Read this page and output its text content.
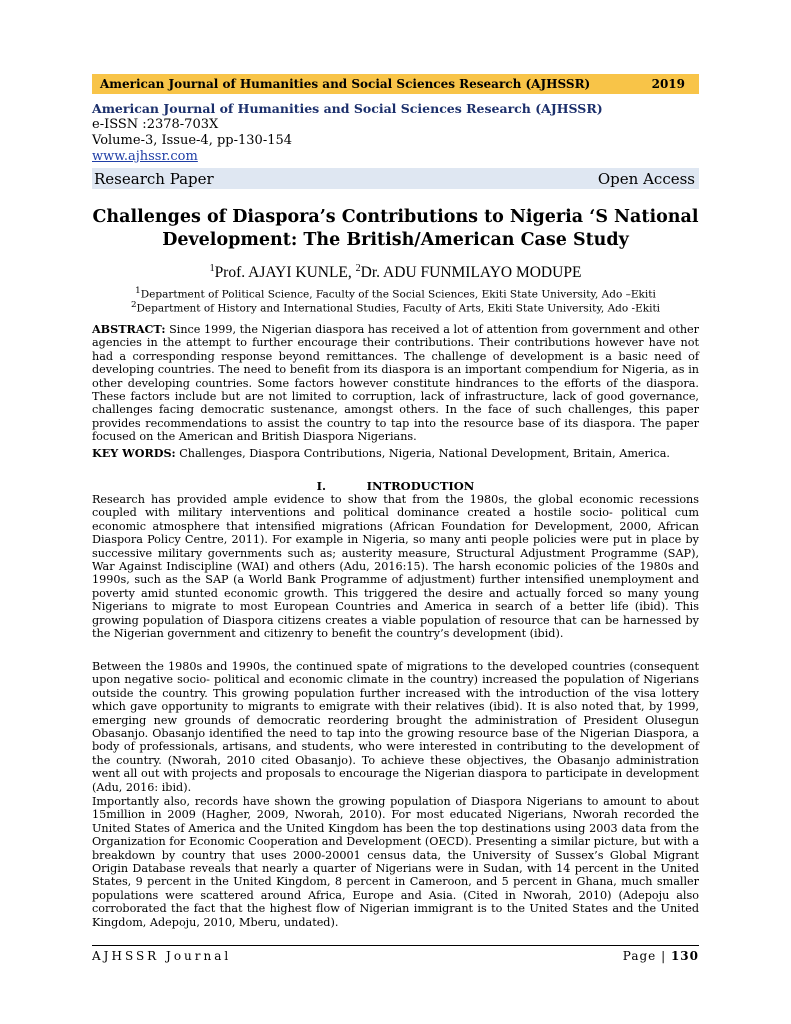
American Journal of Humanities and Social Sciences Research (AJHSSR)	2019
American Journal of Humanities and Social Sciences Research (AJHSSR)
e-ISSN :2378-703X
Volume-3, Issue-4, pp-130-154
www.ajhssr.com
Research Paper	Open Access
Challenges of Diaspora’s Contributions to Nigeria ‘S National
Development: The British/American Case Study
$^1$Prof. AJAYI KUNLE, $^2$Dr. ADU FUNMILAYO MODUPE
$^1$Department of Political Science, Faculty of the Social Sciences, Ekiti State University, Ado –Ekiti
$^2$Department of History and International Studies, Faculty of Arts, Ekiti State University, Ado -Ekiti
ABSTRACT: Since 1999, the Nigerian diaspora has received a lot of attention from government and other agencies in the attempt to further encourage their contributions. Their contributions however have not had a corresponding response beyond remittances. The challenge of development is a basic need of developing countries. The need to benefit from its diaspora is an important compendium for Nigeria, as in other developing countries. Some factors however constitute hindrances to the efforts of the diaspora. These factors include but are not limited to corruption, lack of infrastructure, lack of good governance, challenges facing democratic sustenance, amongst others. In the face of such challenges, this paper provides recommendations to assist the country to tap into the resource base of its diaspora. The paper focused on the American and British Diaspora Nigerians.
KEY WORDS: Challenges, Diaspora Contributions, Nigeria, National Development, Britain, America.
I.	INTRODUCTION
Research has provided ample evidence to show that from the 1980s, the global economic recessions coupled with military interventions and political dominance created a hostile socio- political cum economic atmosphere that intensified migrations (African Foundation for Development, 2000, African Diaspora Policy Centre, 2011). For example in Nigeria, so many anti people policies were put in place by successive military governments such as; austerity measure, Structural Adjustment Programme (SAP), War Against Indiscipline (WAI) and others (Adu, 2016:15). The harsh economic policies of the 1980s and 1990s, such as the SAP (a World Bank Programme of adjustment) further intensified unemployment and poverty amid stunted economic growth. This triggered the desire and actually forced so many young Nigerians to migrate to most European Countries and America in search of a better life (ibid). This growing population of Diaspora citizens creates a viable population of resource that can be harnessed by the Nigerian government and citizenry to benefit the country’s development (ibid).
Between the 1980s and 1990s, the continued spate of migrations to the developed countries (consequent upon negative socio- political and economic climate in the country) increased the population of Nigerians outside the country. This growing population further increased with the introduction of the visa lottery which gave opportunity to migrants to emigrate with their relatives (ibid). It is also noted that, by 1999, emerging new grounds of democratic reordering brought the administration of President Olusegun Obasanjo. Obasanjo identified the need to tap into the growing resource base of the Nigerian Diaspora, a body of professionals, artisans, and students, who were interested in contributing to the development of the country. (Nworah, 2010 cited Obasanjo). To achieve these objectives, the Obasanjo administration went all out with projects and proposals to encourage the Nigerian diaspora to participate in development (Adu, 2016: ibid).
Importantly also, records have shown the growing population of Diaspora Nigerians to amount to about 15million in 2009 (Hagher, 2009, Nworah, 2010). For most educated Nigerians, Nworah recorded the United States of America and the United Kingdom has been the top destinations using 2003 data from the Organization for Economic Cooperation and Development (OECD). Presenting a similar picture, but with a breakdown by country that uses 2000-20001 census data, the University of Sussex’s Global Migrant Origin Database reveals that nearly a quarter of Nigerians were in Sudan, with 14 percent in the United States, 9 percent in the United Kingdom, 8 percent in Cameroon, and 5 percent in Ghana, much smaller populations were scattered around Africa, Europe and Asia. (Cited in Nworah, 2010) (Adepoju also corroborated the fact that the highest flow of Nigerian immigrant is to the United States and the United Kingdom, Adepoju, 2010, Mberu, undated).
AJHSSR Journal	Page | 130
